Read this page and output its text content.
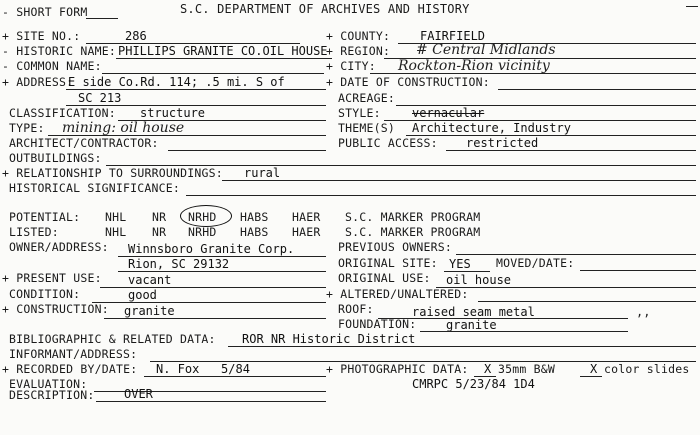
- SHORT FORM	S.C. DEPARTMENT OF ARCHIVES AND HISTORY
+ SITE NO.:	286	+ COUNTY: FAIRFIELD
- HISTORIC NAME: PHILLIPS GRANITE CO.OIL HOUSE
+ REGION: # Central Midlands
- COMMON NAME:	+ CITY: Rockton-Rion vicinity
+ ADDRESS:
E side Co.Rd. 114; .5 mi. S of	+ DATE OF CONSTRUCTION:
SC 213	ACREAGE:
CLASSIFICATION: structure	STYLE:	vernacular
TYPE: mining: oil house	THEME(S) Architecture, Industry
ARCHITECT/CONTRACTOR:	PUBLIC ACCESS: restricted
OUTBUILDINGS:
+ RELATIONSHIP TO SURROUNDINGS: rural
HISTORICAL SIGNIFICANCE:
POTENTIAL: NHL NR NRHD HABS HAER S.C. MARKER PROGRAM
LISTED:	NHL NR NRHD HABS HAER S.C. MARKER PROGRAM
OWNER/ADDRESS: Winnsboro Granite Corp.	PREVIOUS OWNERS:
Rion, SC 29132	ORIGINAL SITE: YES MOVED/DATE:
+ PRESENT USE: vacant	ORIGINAL USE: oil house
CONDITION:	good	+ ALTERED/UNALTERED:
+ CONSTRUCTION: granite	ROOF:	raised seam metal	,,
FOUNDATION: granite
BIBLIOGRAPHIC & RELATED DATA: ROR NR Historic District
INFORMANT/ADDRESS:
+ RECORDED BY/DATE: N. Fox   5/84	+ PHOTOGRAPHIC DATA: X 35mm B&W	X color slides
EVALUATION:	CMRPC 5/23/84 1D4
DESCRIPTION: OVER
